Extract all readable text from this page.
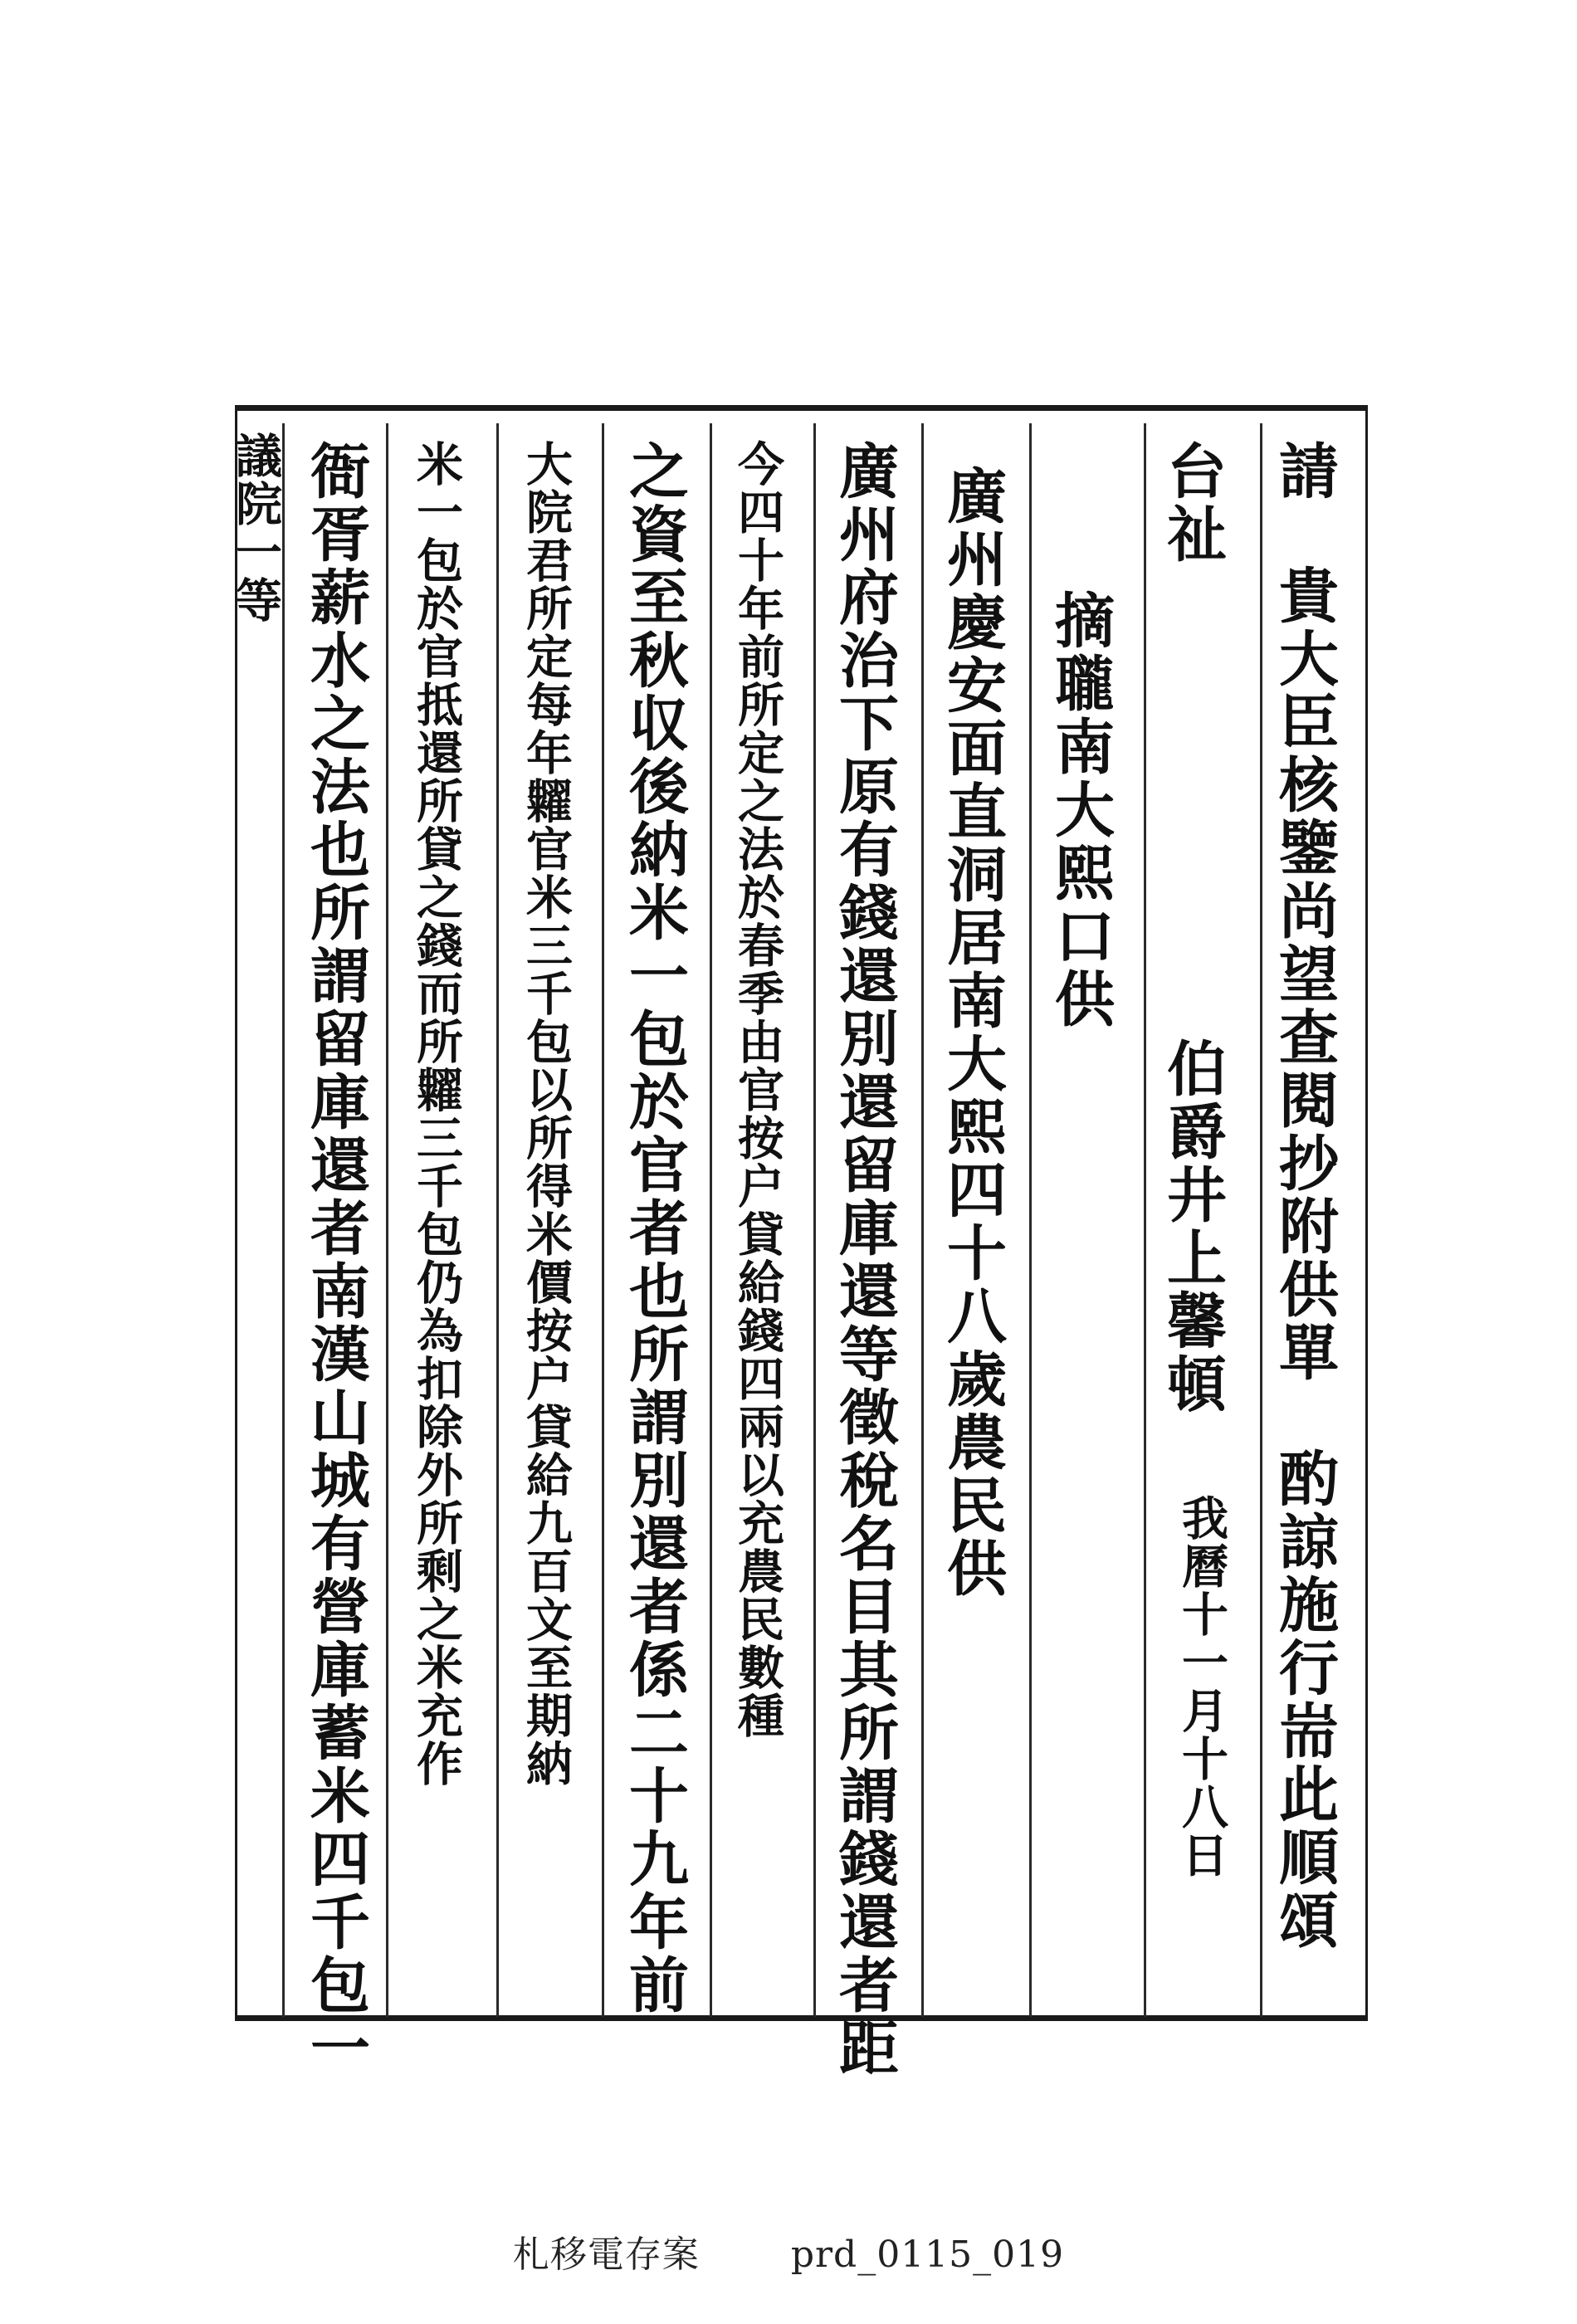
請
貴大臣核鑒尚望查閱抄附供單　酌諒施行耑此順頌
台祉
伯爵井上馨頓
我曆十一月十八日
摘䏊南大熙口供
廣州慶安面直洞居南大熙四十八歲農民供
廣州府治下原有錢還別還留庫還等徵稅名目其所謂錢還者距
今四十年前所定之法於春季由官按户貸給錢四兩以充農民數種
之資至秋収後納米一包於官者也所謂別還者係二十九年前
大院君所定每年糶官米三千包以所得米價按户貸給九百文至期納
米一包於官抵還所貸之錢而所糶三千包仍為扣除外所剩之米充作
衙胥薪水之法也所謂留庫還者南漢山城有營庫蓄米四千包一
議院一等
札移電存案	prd_0115_019
